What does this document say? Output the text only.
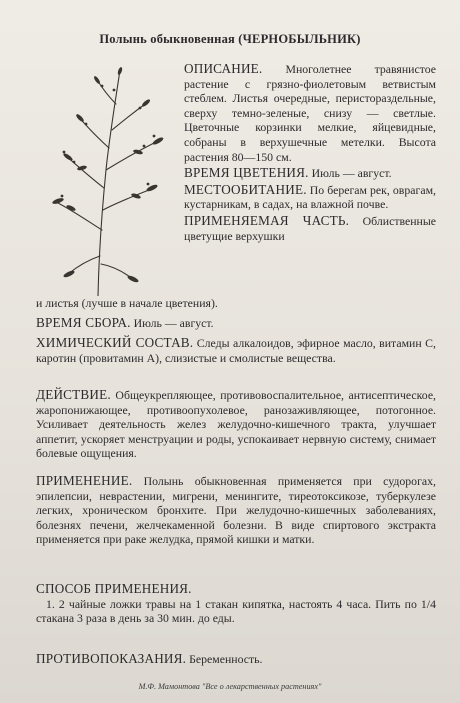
Полынь обыкновенная (ЧЕРНОБЫЛЬНИК)

ОПИСАНИЕ. Многолетнее травянистое растение с грязно-фиолетовым ветвистым стеблем. Листья очередные, перистораздельные, сверху темно-зеленые, снизу — светлые. Цветочные корзинки мелкие, яйцевидные, собраны в верхушечные метелки. Высота растения 80—150 см.

ВРЕМЯ ЦВЕТЕНИЯ. Июль — август.

МЕСТООБИТАНИЕ. По берегам рек, оврагам, кустарникам, в садах, на влажной почве.

ПРИМЕНЯЕМАЯ ЧАСТЬ. Облиственные цветущие верхушки

и листья (лучше в начале цветения).

ВРЕМЯ СБОРА. Июль — август.

ХИМИЧЕСКИЙ СОСТАВ. Следы алкалоидов, эфирное масло, витамин С, каротин (провитамин А), слизистые и смолистые вещества.

ДЕЙСТВИЕ. Общеукрепляющее, противовоспалительное, антисептическое, жаропонижающее, противоопухолевое, ранозаживляющее, потогонное. Усиливает деятельность желез желудочно-кишечного тракта, улучшает аппетит, ускоряет менструации и роды, успокаивает нервную систему, снимает болевые ощущения.

ПРИМЕНЕНИЕ. Полынь обыкновенная применяется при судорогах, эпилепсии, неврастении, мигрени, менингите, тиреотоксикозе, туберкулезе легких, хроническом бронхите. При желудочно-кишечных заболеваниях, болезнях печени, желчекаменной болезни. В виде спиртового экстракта применяется при раке желудка, прямой кишки и матки.

СПОСОБ ПРИМЕНЕНИЯ.

1. 2 чайные ложки травы на 1 стакан кипятка, настоять 4 часа. Пить по 1/4 стакана 3 раза в день за 30 мин. до еды.

ПРОТИВОПОКАЗАНИЯ. Беременность.

М.Ф. Мамонтова "Все о лекарственных растениях"
